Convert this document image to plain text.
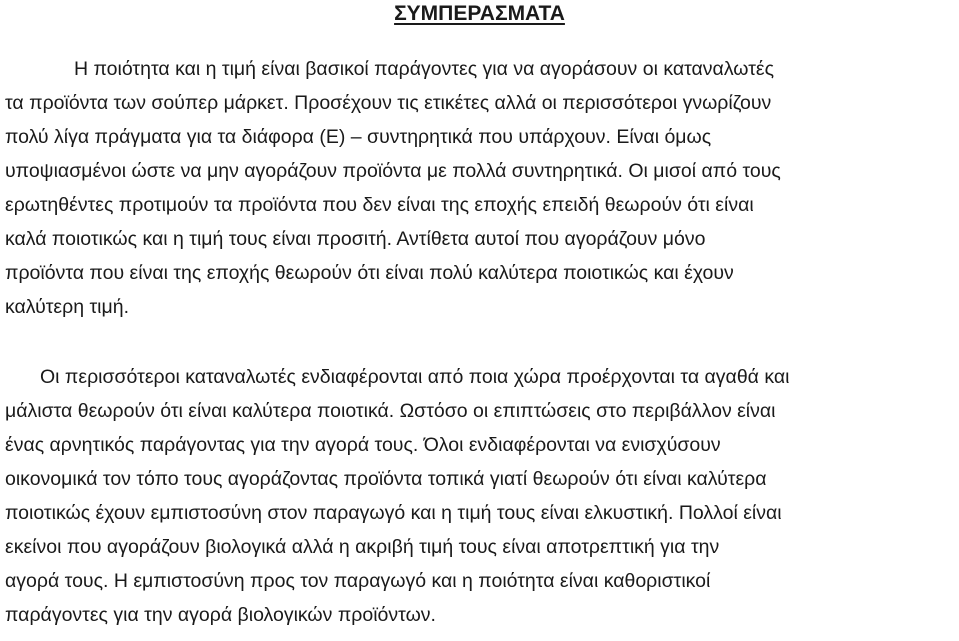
ΣΥΜΠΕΡΑΣΜΑΤΑ
Η ποιότητα και η τιμή είναι βασικοί παράγοντες για να αγοράσουν οι καταναλωτές
τα προϊόντα των σούπερ μάρκετ. Προσέχουν τις ετικέτες αλλά οι περισσότεροι γνωρίζουν
πολύ λίγα πράγματα για τα διάφορα (Ε) – συντηρητικά που υπάρχουν. Είναι όμως
υποψιασμένοι ώστε να μην αγοράζουν προϊόντα με πολλά συντηρητικά. Οι μισοί από τους
ερωτηθέντες προτιμούν τα προϊόντα που δεν είναι της εποχής επειδή θεωρούν ότι είναι
καλά ποιοτικώς και η τιμή τους είναι προσιτή. Αντίθετα αυτοί που αγοράζουν μόνο
προϊόντα που είναι της εποχής θεωρούν ότι είναι πολύ καλύτερα ποιοτικώς και έχουν
καλύτερη τιμή.
Οι περισσότεροι καταναλωτές ενδιαφέρονται από ποια χώρα προέρχονται τα αγαθά και
μάλιστα θεωρούν ότι είναι καλύτερα ποιοτικά. Ωστόσο οι επιπτώσεις στο περιβάλλον είναι
ένας αρνητικός παράγοντας για την αγορά τους. Όλοι ενδιαφέρονται να ενισχύσουν
οικονομικά τον τόπο τους αγοράζοντας προϊόντα τοπικά γιατί θεωρούν ότι είναι καλύτερα
ποιοτικώς έχουν εμπιστοσύνη στον παραγωγό και η τιμή τους είναι ελκυστική. Πολλοί είναι
εκείνοι που αγοράζουν βιολογικά αλλά η ακριβή τιμή τους είναι αποτρεπτική για την
αγορά τους. Η εμπιστοσύνη προς τον παραγωγό και η ποιότητα είναι καθοριστικοί
παράγοντες για την αγορά βιολογικών προϊόντων.
